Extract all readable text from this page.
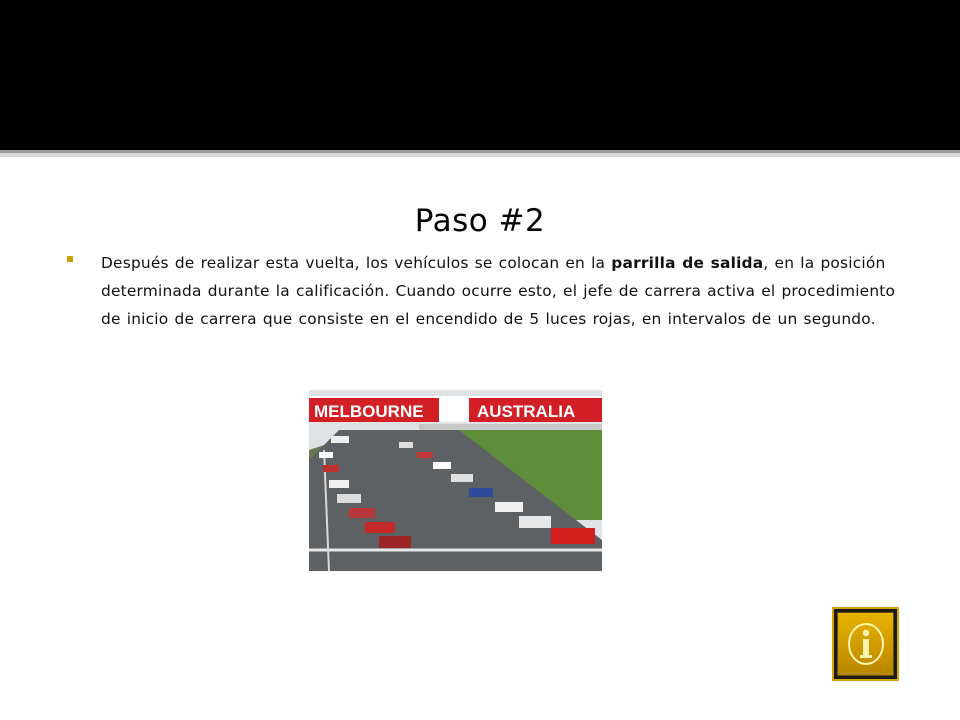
Paso #2
Después de realizar esta vuelta, los vehículos se colocan en la parrilla de salida, en la posición determinada durante la calificación. Cuando ocurre esto, el jefe de carrera activa el procedimiento de inicio de carrera que consiste en el encendido de 5 luces rojas, en intervalos de un segundo.
MELBOURNE	AUSTRALIA
